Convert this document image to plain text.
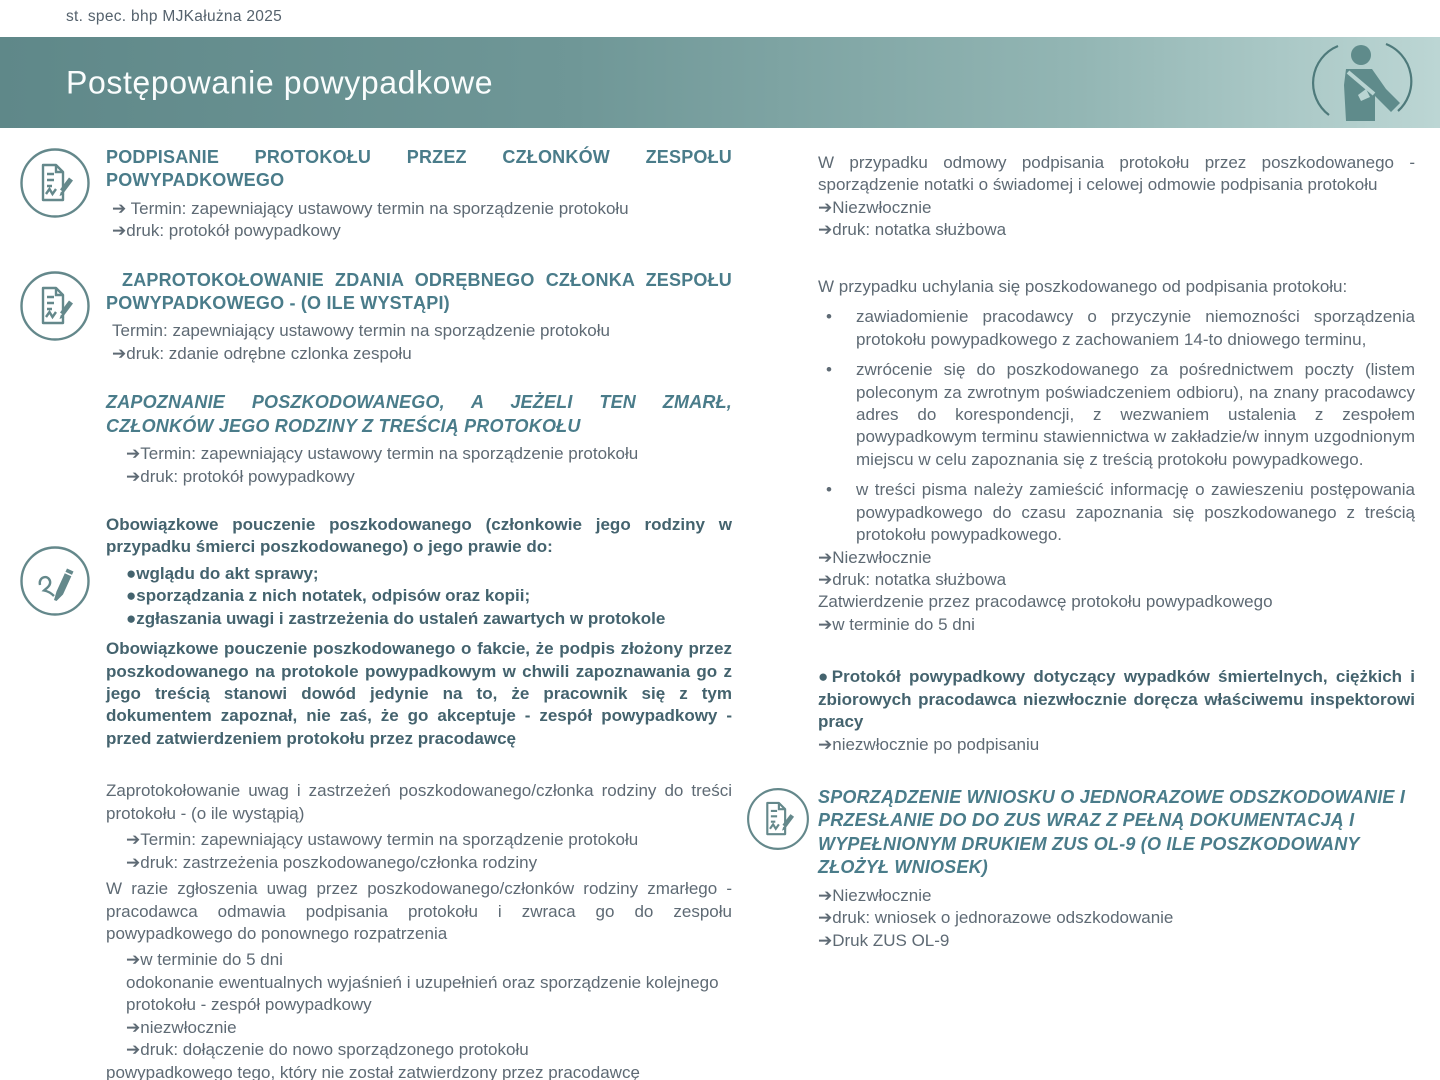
st. spec. bhp MJKałużna 2025
Postępowanie powypadkowe
PODPISANIE PROTOKOŁU PRZEZ CZŁONKÓW ZESPOŁU POWYPADKOWEGO
➔ Termin: zapewniający ustawowy termin na sporządzenie protokołu
➔druk: protokół powypadkowy
ZAPROTOKOŁOWANIE ZDANIA ODRĘBNEGO CZŁONKA ZESPOŁU POWYPADKOWEGO - (O ILE WYSTĄPI)
Termin: zapewniający ustawowy termin na sporządzenie protokołu
➔druk: zdanie odrębne czlonka zespołu
ZAPOZNANIE POSZKODOWANEGO, A JEŻELI TEN ZMARŁ, CZŁONKÓW JEGO RODZINY Z TREŚCIĄ PROTOKOŁU
➔Termin: zapewniający ustawowy termin na sporządzenie protokołu
➔druk: protokół powypadkowy
Obowiązkowe pouczenie poszkodowanego (członkowie jego rodziny w przypadku śmierci poszkodowanego) o jego prawie do:
●wglądu do akt sprawy;
●sporządzania z nich notatek, odpisów oraz kopii;
●zgłaszania uwagi i zastrzeżenia do ustaleń zawartych w protokole
Obowiązkowe pouczenie poszkodowanego o fakcie, że podpis złożony przez poszkodowanego na protokole powypadkowym w chwili zapoznawania go z jego treścią stanowi dowód jedynie na to, że pracownik się z tym dokumentem zapoznał, nie zaś, że go akceptuje - zespół powypadkowy - przed zatwierdzeniem protokołu przez pracodawcę
Zaprotokołowanie uwag i zastrzeżeń poszkodowanego/członka rodziny do treści protokołu - (o ile wystąpią)
➔Termin: zapewniający ustawowy termin na sporządzenie protokołu
➔druk: zastrzeżenia poszkodowanego/członka rodziny
W razie zgłoszenia uwag przez poszkodowanego/członków rodziny zmarłego - pracodawca odmawia podpisania protokołu i zwraca go do zespołu powypadkowego do ponownego rozpatrzenia
➔w terminie do 5 dni
odokonanie ewentualnych wyjaśnień i uzupełnień oraz sporządzenie kolejnego protokołu - zespół powypadkowy
➔niezwłocznie
➔druk: dołączenie do nowo sporządzonego protokołu
powypadkowego tego, który nie został zatwierdzony przez pracodawcę
W przypadku odmowy podpisania protokołu przez poszkodowanego - sporządzenie notatki o świadomej i celowej odmowie podpisania protokołu
➔Niezwłocznie
➔druk: notatka służbowa
W przypadku uchylania się poszkodowanego od podpisania protokołu:
•	zawiadomienie pracodawcy o przyczynie niemozności sporządzenia protokołu powypadkowego z zachowaniem 14-to dniowego terminu,
•	zwrócenie się do poszkodowanego za pośrednictwem poczty (listem poleconym za zwrotnym poświadczeniem odbioru), na znany pracodawcy adres do korespondencji, z wezwaniem ustalenia z zespołem powypadkowym terminu stawiennictwa w zakładzie/w innym uzgodnionym miejscu w celu zapoznania się z treścią protokołu powypadkowego.
•	w treści pisma należy zamieścić informację o zawieszeniu postępowania powypadkowego do czasu zapoznania się poszkodowanego z treścią protokołu powypadkowego.
➔Niezwłocznie
➔druk: notatka służbowa
Zatwierdzenie przez pracodawcę protokołu powypadkowego
➔w terminie do 5 dni
●Protokół powypadkowy dotyczący wypadków śmiertelnych, ciężkich i zbiorowych pracodawca niezwłocznie doręcza właściwemu inspektorowi pracy
➔niezwłocznie po podpisaniu
SPORZĄDZENIE WNIOSKU O JEDNORAZOWE ODSZKODOWANIE I PRZESŁANIE DO DO ZUS WRAZ Z PEŁNĄ DOKUMENTACJĄ I WYPEŁNIONYM DRUKIEM ZUS OL-9 (O ILE POSZKODOWANY ZŁOŻYŁ WNIOSEK)
➔Niezwłocznie
➔druk: wniosek o jednorazowe odszkodowanie
➔Druk ZUS OL-9
